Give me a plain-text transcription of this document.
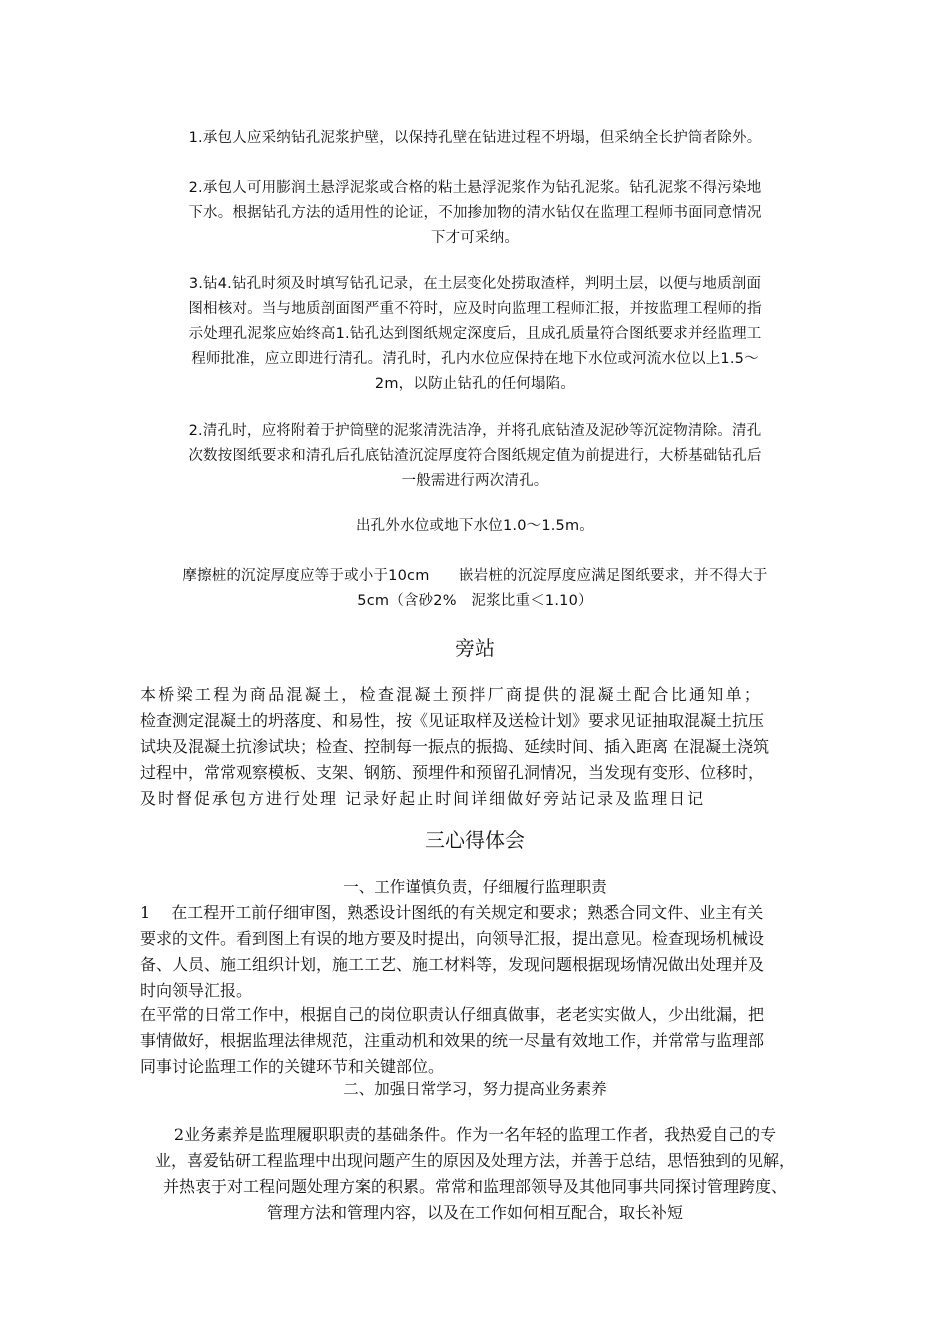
1.承包人应采纳钻孔泥浆护壁，以保持孔壁在钻进过程不坍塌，但采纳全长护筒者除外。

2.承包人可用膨润土悬浮泥浆或合格的粘土悬浮泥浆作为钻孔泥浆。钻孔泥浆不得污染地
下水。根据钻孔方法的适用性的论证，不加掺加物的清水钻仅在监理工程师书面同意情况
下才可采纳。

3.钻4.钻孔时须及时填写钻孔记录，在土层变化处捞取渣样，判明土层，以便与地质剖面
图相核对。当与地质剖面图严重不符时，应及时向监理工程师汇报，并按监理工程师的指
示处理孔泥浆应始终高1.钻孔达到图纸规定深度后，且成孔质量符合图纸要求并经监理工
程师批准，应立即进行清孔。清孔时，孔内水位应保持在地下水位或河流水位以上1.5～
2m，以防止钻孔的任何塌陷。

2.清孔时，应将附着于护筒壁的泥浆清洗洁净，并将孔底钻渣及泥砂等沉淀物清除。清孔
次数按图纸要求和清孔后孔底钻渣沉淀厚度符合图纸规定值为前提进行，大桥基础钻孔后
一般需进行两次清孔。

出孔外水位或地下水位1.0～1.5m。

摩擦桩的沉淀厚度应等于或小于10cm　　嵌岩桩的沉淀厚度应满足图纸要求，并不得大于
5cm（含砂2%　泥浆比重＜1.10）

旁站

本桥梁工程为商品混凝土，检查混凝土预拌厂商提供的混凝土配合比通知单；
检查测定混凝土的坍落度、和易性，按《见证取样及送检计划》要求见证抽取混凝土抗压
试块及混凝土抗渗试块；检查、控制每一振点的振捣、延续时间、插入距离 在混凝土浇筑
过程中，常常观察模板、支架、钢筋、预埋件和预留孔洞情况，当发现有变形、位移时，
及时督促承包方进行处理 记录好起止时间详细做好旁站记录及监理日记

三心得体会

一、工作谨慎负责，仔细履行监理职责

1　 在工程开工前仔细审图，熟悉设计图纸的有关规定和要求；熟悉合同文件、业主有关
要求的文件。看到图上有误的地方要及时提出，向领导汇报，提出意见。检查现场机械设
备、人员、施工组织计划，施工工艺、施工材料等，发现问题根据现场情况做出处理并及
时向领导汇报。

在平常的日常工作中，根据自己的岗位职责认仔细真做事，老老实实做人，少出纰漏，把
事情做好，根据监理法律规范，注重动机和效果的统一尽量有效地工作，并常常与监理部
同事讨论监理工作的关键环节和关键部位。

二、加强日常学习，努力提高业务素养

2业务素养是监理履职职责的基础条件。作为一名年轻的监理工作者，我热爱自己的专
业，喜爱钻研工程监理中出现问题产生的原因及处理方法，并善于总结，思悟独到的见解，
并热衷于对工程问题处理方案的积累。常常和监理部领导及其他同事共同探讨管理跨度、
管理方法和管理内容，以及在工作如何相互配合，取长补短
